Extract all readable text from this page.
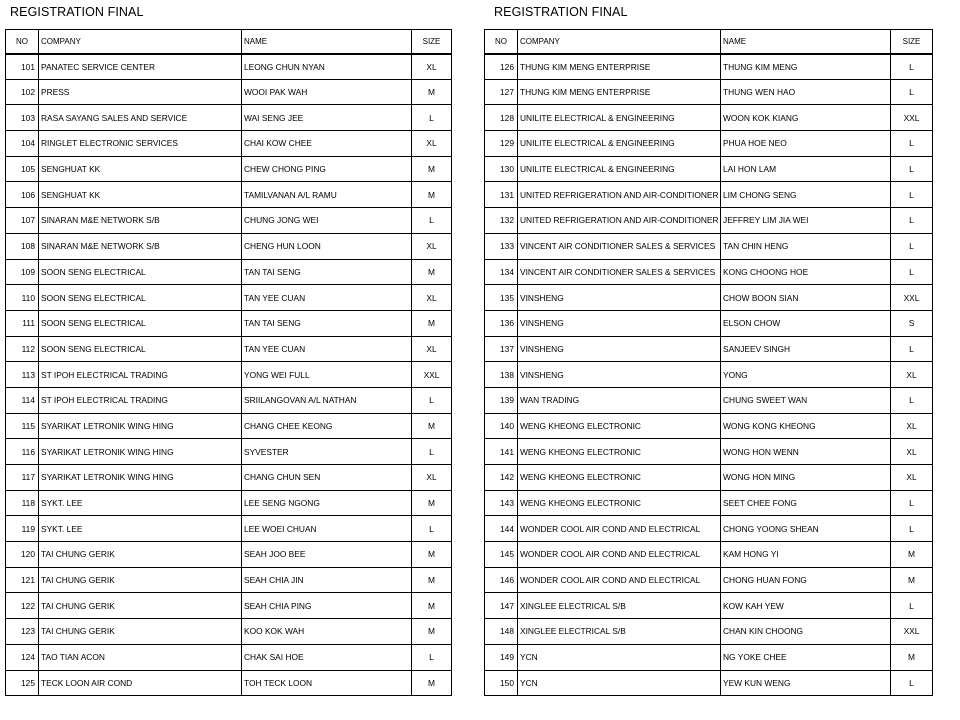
REGISTRATION FINAL
NO	COMPANY	NAME	SIZE
101	PANATEC SERVICE CENTER	LEONG CHUN NYAN	XL
102	PRESS	WOOI PAK WAH	M
103	RASA SAYANG SALES AND SERVICE	WAI SENG JEE	L
104	RINGLET ELECTRONIC SERVICES	CHAI KOW CHEE	XL
105	SENGHUAT KK	CHEW CHONG PING	M
106	SENGHUAT KK	TAMILVANAN A/L RAMU	M
107	SINARAN M&E NETWORK S/B	CHUNG JONG WEI	L
108	SINARAN M&E NETWORK S/B	CHENG HUN LOON	XL
109	SOON SENG ELECTRICAL	TAN TAI SENG	M
110	SOON SENG ELECTRICAL	TAN YEE CUAN	XL
111	SOON SENG ELECTRICAL	TAN TAI SENG	M
112	SOON SENG ELECTRICAL	TAN YEE CUAN	XL
113	ST IPOH ELECTRICAL TRADING	YONG WEI FULL	XXL
114	ST IPOH ELECTRICAL TRADING	SRIILANGOVAN A/L NATHAN	L
115	SYARIKAT LETRONIK WING HING	CHANG CHEE KEONG	M
116	SYARIKAT LETRONIK WING HING	SYVESTER	L
117	SYARIKAT LETRONIK WING HING	CHANG CHUN SEN	XL
118	SYKT. LEE	LEE SENG NGONG	M
119	SYKT. LEE	LEE WOEI CHUAN	L
120	TAI CHUNG GERIK	SEAH JOO BEE	M
121	TAI CHUNG GERIK	SEAH CHIA JIN	M
122	TAI CHUNG GERIK	SEAH CHIA PING	M
123	TAI CHUNG GERIK	KOO KOK WAH	M
124	TAO TIAN ACON	CHAK SAI HOE	L
125	TECK LOON AIR COND	TOH TECK LOON	M
REGISTRATION FINAL
NO	COMPANY	NAME	SIZE
126	THUNG KIM MENG ENTERPRISE	THUNG KIM MENG	L
127	THUNG KIM MENG ENTERPRISE	THUNG WEN HAO	L
128	UNILITE ELECTRICAL & ENGINEERING	WOON KOK KIANG	XXL
129	UNILITE ELECTRICAL & ENGINEERING	PHUA HOE NEO	L
130	UNILITE ELECTRICAL & ENGINEERING	LAI HON LAM	L
131	UNITED REFRIGERATION AND AIR-CONDITIONER	LIM CHONG SENG	L
132	UNITED REFRIGERATION AND AIR-CONDITIONER	JEFFREY LIM JIA WEI	L
133	VINCENT AIR CONDITIONER SALES & SERVICES	TAN CHIN HENG	L
134	VINCENT AIR CONDITIONER SALES & SERVICES	KONG CHOONG HOE	L
135	VINSHENG	CHOW BOON SIAN	XXL
136	VINSHENG	ELSON CHOW	S
137	VINSHENG	SANJEEV SINGH	L
138	VINSHENG	YONG	XL
139	WAN TRADING	CHUNG SWEET WAN	L
140	WENG KHEONG ELECTRONIC	WONG KONG KHEONG	XL
141	WENG KHEONG ELECTRONIC	WONG HON WENN	XL
142	WENG KHEONG ELECTRONIC	WONG HON MING	XL
143	WENG KHEONG ELECTRONIC	SEET CHEE FONG	L
144	WONDER COOL AIR COND AND ELECTRICAL	CHONG YOONG SHEAN	L
145	WONDER COOL AIR COND AND ELECTRICAL	KAM HONG YI	M
146	WONDER COOL AIR COND AND ELECTRICAL	CHONG HUAN FONG	M
147	XINGLEE ELECTRICAL S/B	KOW KAH YEW	L
148	XINGLEE ELECTRICAL S/B	CHAN KIN CHOONG	XXL
149	YCN	NG YOKE CHEE	M
150	YCN	YEW KUN WENG	L
